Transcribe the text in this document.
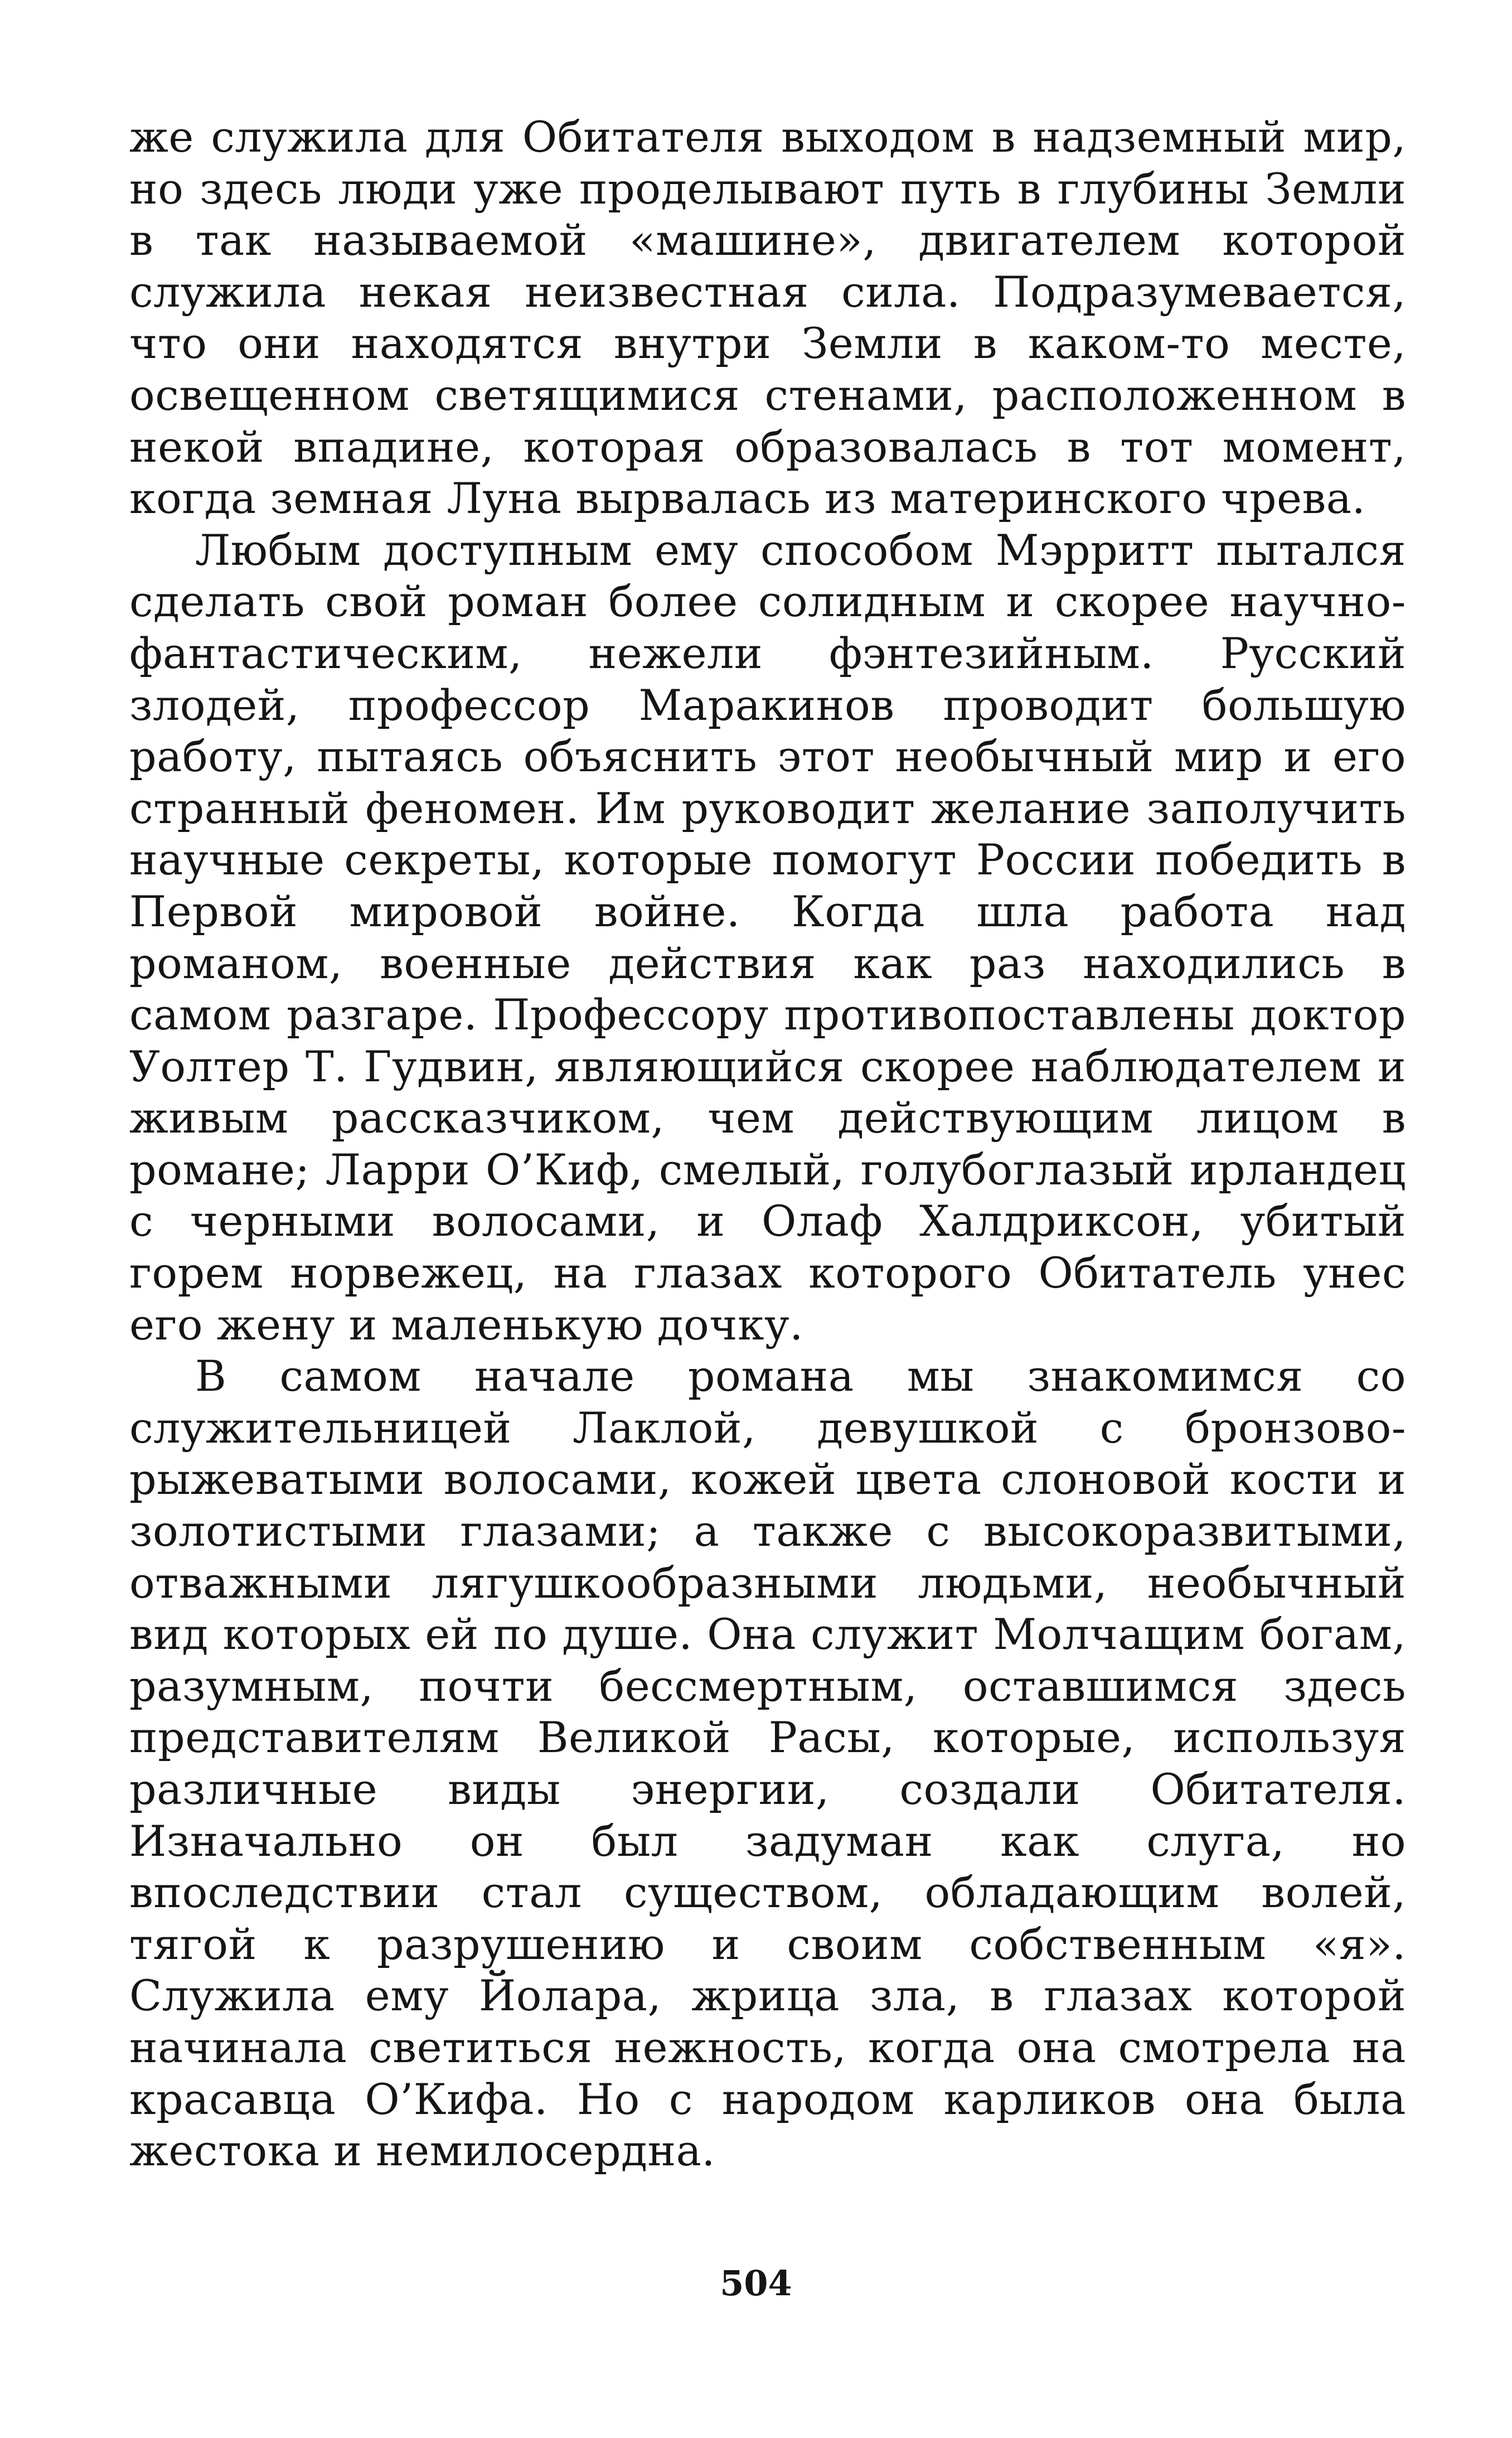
же служила для Обитателя выходом в надземный мир, но здесь люди уже проделывают путь в глубины Земли в так называемой «машине», двигателем которой служила некая неизвестная сила. Подразумевается, что они находятся внутри Земли в каком-то месте, освещенном светящимися стенами, расположенном в некой впадине, которая образовалась в тот момент, когда земная Луна вырвалась из материнского чрева.

Любым доступным ему способом Мэрритт пытался сделать свой роман более солидным и скорее научно-фантастическим, нежели фэнтезийным. Русский злодей, профессор Маракинов проводит большую работу, пытаясь объяснить этот необычный мир и его странный феномен. Им руководит желание заполучить научные секреты, которые помогут России победить в Первой мировой войне. Когда шла работа над романом, военные действия как раз находились в самом разгаре. Профессору противопоставлены доктор Уолтер Т. Гудвин, являющийся скорее наблюдателем и живым рассказчиком, чем действующим лицом в романе; Ларри О’Киф, смелый, голубоглазый ирландец с черными волосами, и Олаф Халдриксон, убитый горем норвежец, на глазах которого Обитатель унес его жену и маленькую дочку.

В самом начале романа мы знакомимся со служительницей Лаклой, девушкой с бронзово-рыжеватыми волосами, кожей цвета слоновой кости и золотистыми глазами; а также с высокоразвитыми, отважными лягушкообразными людьми, необычный вид которых ей по душе. Она служит Молчащим богам, разумным, почти бессмертным, оставшимся здесь представителям Великой Расы, которые, используя различные виды энергии, создали Обитателя. Изначально он был задуман как слуга, но впоследствии стал существом, обладающим волей, тягой к разрушению и своим собственным «я». Служила ему Йолара, жрица зла, в глазах которой начинала светиться нежность, когда она смотрела на красавца О’Кифа. Но с народом карликов она была жестока и немилосердна.

504
